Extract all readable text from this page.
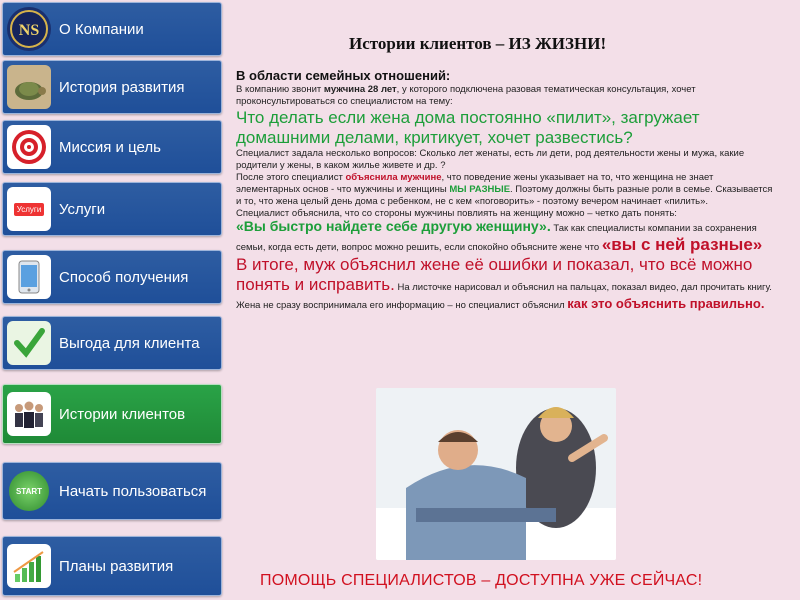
NS О Компании
История развития
Миссия и цель
Услуги Услуги
Способ получения
Выгода для клиента
Истории клиентов
START	Начать пользоваться
Планы развития
Истории клиентов – ИЗ ЖИЗНИ!
В области семейных отношений:
В компанию звонит мужчина 28 лет, у которого подключена разовая тематическая консультация, хочет проконсультироваться со специалистом на тему:
Что делать если жена дома постоянно «пилит», загружает домашними делами, критикует, хочет развестись?
Специалист задала несколько вопросов: Сколько лет женаты, есть ли дети, род деятельности жены и мужа, какие родители у жены, в каком жилье живете и др. ?
После этого специалист объяснила мужчине, что поведение жены указывает на то, что женщина не знает элементарных основ - что мужчины и женщины МЫ РАЗНЫЕ. Поэтому должны быть разные роли в семье. Сказывается и то, что жена целый день дома с ребенком, не с кем «поговорить» - поэтому вечером начинает «пилить».
Специалист объяснила, что со стороны мужчины повлиять на женщину можно – четко дать понять:
«Вы быстро найдете себе другую женщину». Так как специалисты компании за сохранения семьи, когда есть дети, вопрос можно решить, если спокойно объясните жене что «вы с ней разные» В итоге, муж объяснил жене её ошибки и показал, что всё можно понять и исправить. На листочке нарисовал и объяснил на пальцах, показал видео, дал прочитать книгу.
Жена не сразу воспринимала его информацию – но специалист объяснил как это объяснить правильно.
ПОМОЩЬ СПЕЦИАЛИСТОВ – ДОСТУПНА УЖЕ СЕЙЧАС!
